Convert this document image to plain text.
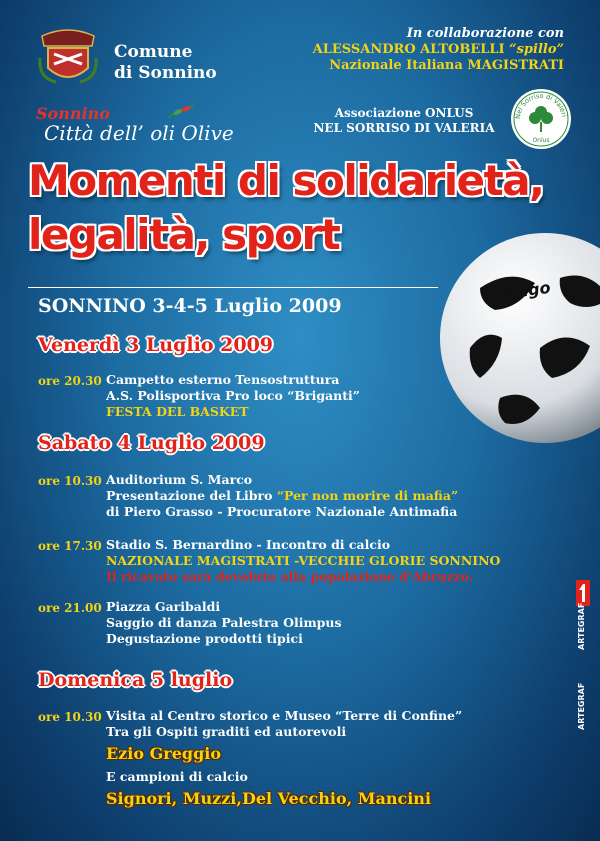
Comune
di Sonnino
In collaborazione con
ALESSANDRO ALTOBELLI “spillo”
Nazionale Italiana MAGISTRATI
Sonnino
Città dell’ oli Olive
Associazione ONLUS
NEL SORRISO DI VALERIA
Nel Sorriso di Valeri
Onlus
Momenti di solidarietà,
legalità, sport
Tango
SONNINO 3-4-5 Luglio 2009
Venerdì 3 Luglio 2009
ore 20.30 Campetto esterno Tensostruttura
A.S. Polisportiva Pro loco “Briganti”
FESTA DEL BASKET
Sabato 4 Luglio 2009
ore 10.30 Auditorium S. Marco
Presentazione del Libro “Per non morire di mafia”
di Piero Grasso - Procuratore Nazionale Antimafia
ore 17.30 Stadio S. Bernardino - Incontro di calcio
NAZIONALE MAGISTRATI -VECCHIE GLORIE SONNINO
Il ricavato sarà devoluto alla popolazione d’Abruzzo.
ore 21.00 Piazza Garibaldi
Saggio di danza Palestra Olimpus
Degustazione prodotti tipici
Domenica 5 luglio
ore 10.30 Visita al Centro storico e Museo “Terre di Confine”
Tra gli Ospiti graditi ed autorevoli
Ezio Greggio
E campioni di calcio
Signori, Muzzi,Del Vecchio, Mancini
ARTEGRAF
ARTEGRAF
